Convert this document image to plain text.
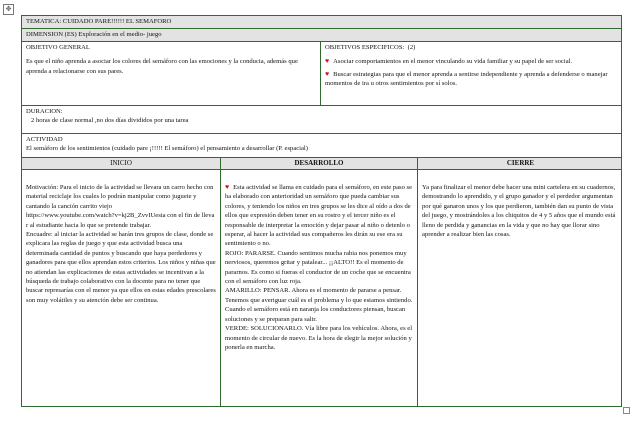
✥
TEMATICA: CUIDADO PARE!!!!!! EL SEMAFORO
DIMENSION (ES) Exploración en el medio- juego

OBJETIVO GENERAL

Es que el niño aprenda a asociar los colores del semáforo con las emociones y la conducta, además que aprenda a relacionarse con sus pares.

OBJETIVOS ESPECIFICOS: (2)

♥ Asociar comportamientos en el menor vinculando su vida familiar y su papel de ser social.

♥ Buscar estrategias para que el menor aprenda a sentirse independiente y aprenda a defenderse o manejar momentos de ira u otros sentimientos por sí solos.

DURACION:

2 horas de clase normal ,no dos días divididos por una tarea

ACTIVIDAD

El semáforo de los sentimientos (cuidado pare ¡!!!!! El semáforo) el pensamiento a desarrollar (P. espacial)

INICIO	DESARROLLO	CIERRE

Motivación: Para el inicio de la actividad se llevara un carro hecho con material reciclaje los cuales lo podrán manipular como juguete y cantando la canción carrito viejo

https://www.youtube.com/watch?v=kj2B_ZvvIUesta con el fin de llevar al estudiante hacia lo que se pretende trabajar.

Encuadre: al iniciar la actividad se harán tres grupos de clase, donde se explicara las reglas de juego y que esta actividad busca una determinada cantidad de puntos y buscando que haya perdedores y ganadores para que ellos aprendan estos criterios. Los niños y niñas que no atiendan las explicaciones de estas actividades se incentivan a la búsqueda de trabajo colaborativo con la docente para no tener que buscar represarías con el menor ya que ellos en estas edades prescolares son muy volátiles y su atención debe ser continua.

♥ Esta actividad se llama en cuidado para el semáforo, en este paso se ha elaborado con anterioridad un semáforo que pueda cambiar sus colores, y teniendo los niños en tres grupos se les dice al oído a dos de ellos que expresión deben tener en su rostro y el tercer niño es el responsable de interpretar la emoción y dejar pasar al niño o detenlo o esperar, al hacer la actividad sus compañeros les dirán su ese era su sentimiento o no.

ROJO: PARARSE. Cuando sentimos mucha rabia nos ponemos muy nerviosos, queremos gritar y patalear... ¡¡ALTO!! Es el momento de pararnos. Es como si fueras el conductor de un coche que se encuentra con el semáforo con luz roja.

AMARILLO: PENSAR. Ahora es el momento de pararse a pensar. Tenemos que averiguar cuál es el problema y lo que estamos sintiendo. Cuando el semáforo está en naranja los conductores piensan, buscan soluciones y se preparan para salir.

VERDE: SOLUCIONARLO. Vía libre para los vehículos. Ahora, es el momento de circular de nuevo. Es la hora de elegir la mejor solución y ponerla en marcha.

Ya para finalizar el menor debe hacer una mini cartelera en su cuadernos, demostrando lo aprendido, y el grupo ganador y el perdedor argumentan por qué ganaron unos y los que perdieron, también dan su punto de vista del juego, y mostrándoles a los chiquitos de 4 y 5 años que el mundo está lleno de perdida y ganancias en la vida y que no hay que llorar sino aprender a realizar bien las cosas.
